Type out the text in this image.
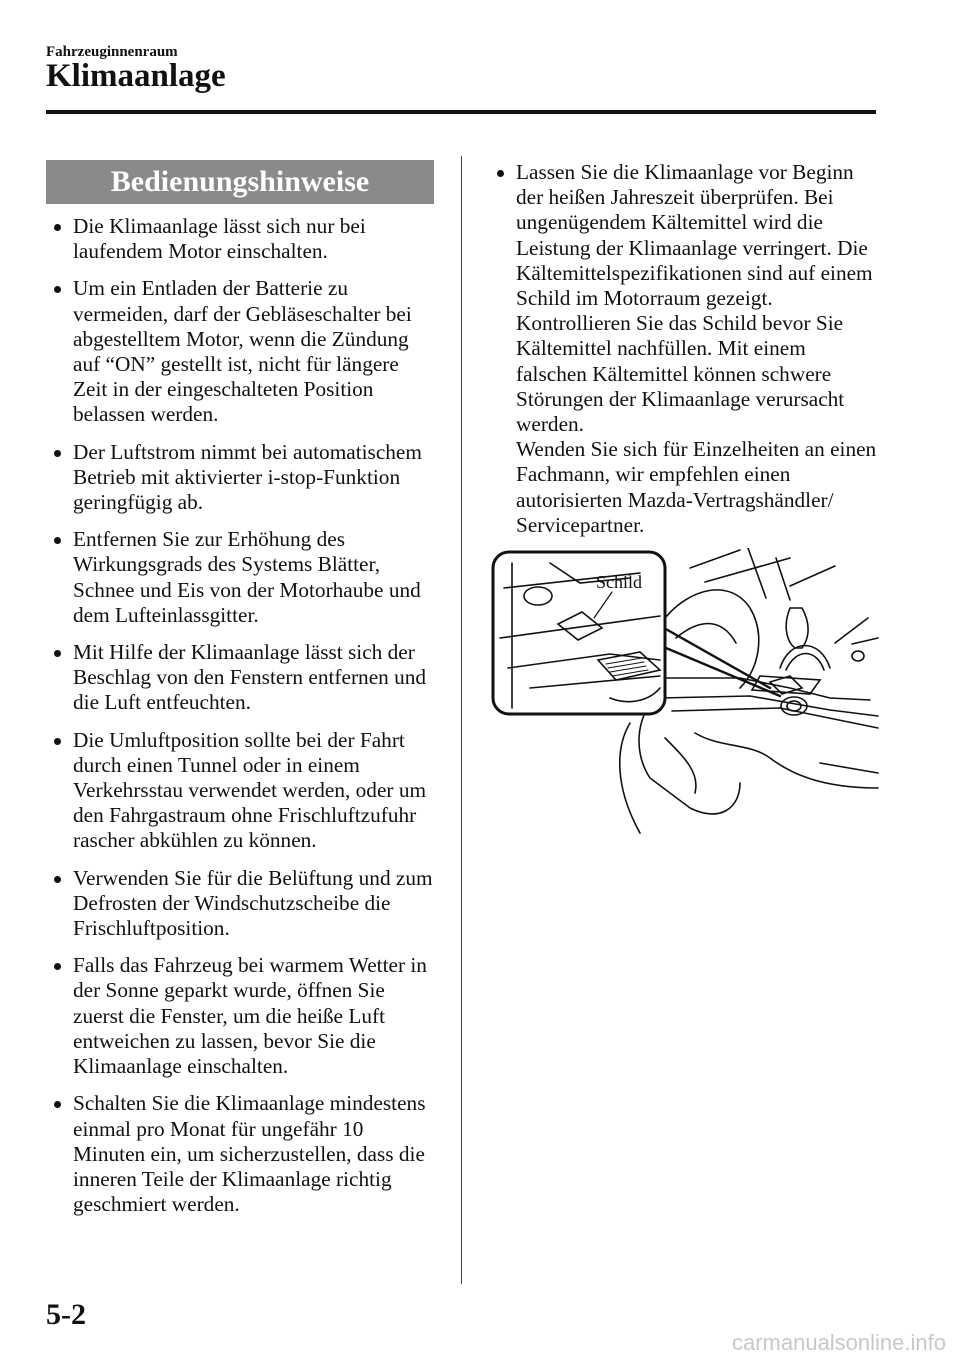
Fahrzeuginnenraum
Klimaanlage
Bedienungshinweise
Die Klimaanlage lässt sich nur bei laufendem Motor einschalten.
Um ein Entladen der Batterie zu vermeiden, darf der Gebläseschalter bei abgestelltem Motor, wenn die Zündung auf “ON” gestellt ist, nicht für längere Zeit in der eingeschalteten Position belassen werden.
Der Luftstrom nimmt bei automatischem Betrieb mit aktivierter i-stop-Funktion geringfügig ab.
Entfernen Sie zur Erhöhung des Wirkungsgrads des Systems Blätter, Schnee und Eis von der Motorhaube und dem Lufteinlassgitter.
Mit Hilfe der Klimaanlage lässt sich der Beschlag von den Fenstern entfernen und die Luft entfeuchten.
Die Umluftposition sollte bei der Fahrt durch einen Tunnel oder in einem Verkehrsstau verwendet werden, oder um den Fahrgastraum ohne Frischluftzufuhr rascher abkühlen zu können.
Verwenden Sie für die Belüftung und zum Defrosten der Windschutzscheibe die Frischluftposition.
Falls das Fahrzeug bei warmem Wetter in der Sonne geparkt wurde, öffnen Sie zuerst die Fenster, um die heiße Luft entweichen zu lassen, bevor Sie die Klimaanlage einschalten.
Schalten Sie die Klimaanlage mindestens einmal pro Monat für ungefähr 10 Minuten ein, um sicherzustellen, dass die inneren Teile der Klimaanlage richtig geschmiert werden.
Lassen Sie die Klimaanlage vor Beginn der heißen Jahreszeit überprüfen. Bei ungenügendem Kältemittel wird die Leistung der Klimaanlage verringert. Die Kältemittelspezifikationen sind auf einem Schild im Motorraum gezeigt. Kontrollieren Sie das Schild bevor Sie Kältemittel nachfüllen. Mit einem falschen Kältemittel können schwere Störungen der Klimaanlage verursacht werden.
Wenden Sie sich für Einzelheiten an einen Fachmann, wir empfehlen einen autorisierten Mazda-Vertragshändler/ Servicepartner.
Schild
5-2
carmanualsonline.info
